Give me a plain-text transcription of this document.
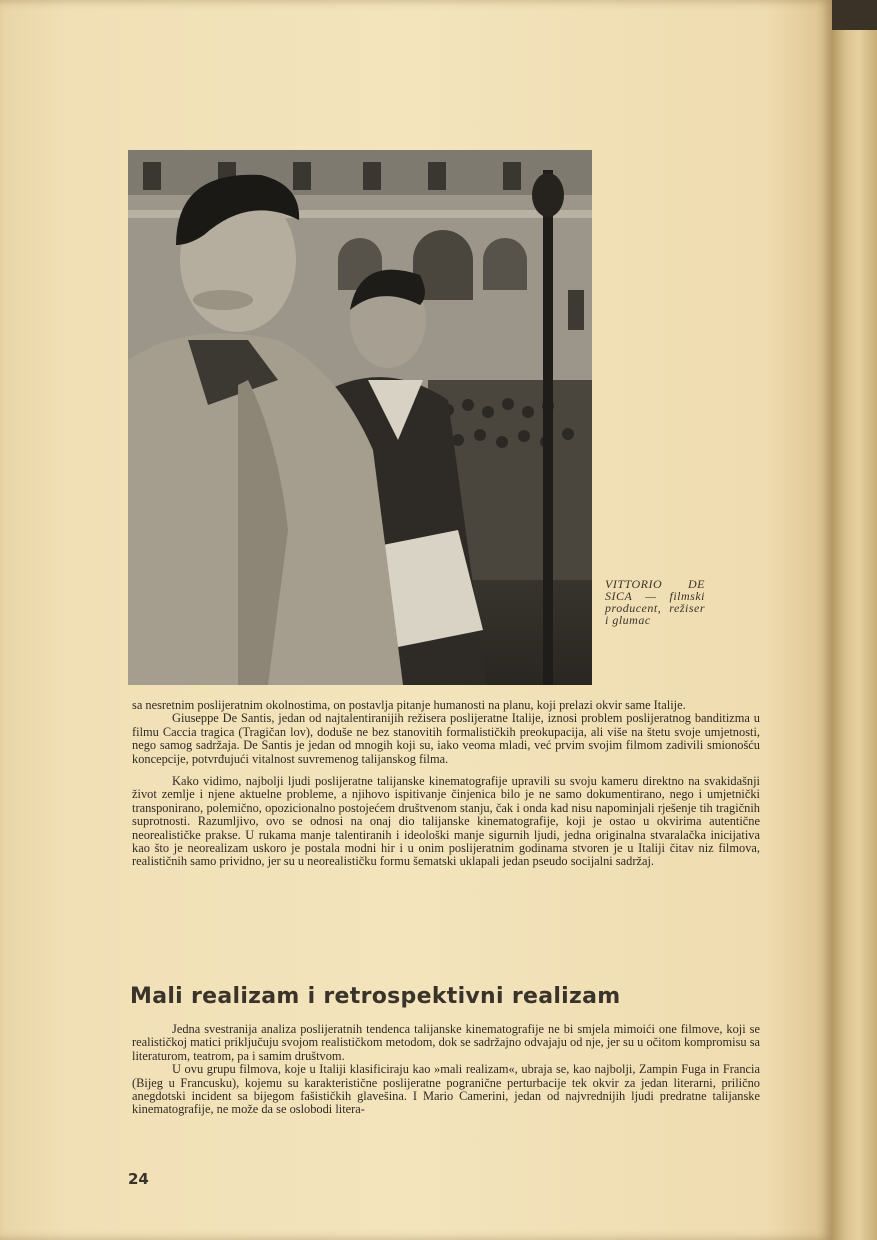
VITTORIO DE SICA — filmski producent, režiser i glumac

sa nesretnim poslijeratnim okolnostima, on postavlja pitanje humanosti na planu, koji prelazi okvir same Italije.

Giuseppe De Santis, jedan od najtalentiranijih režisera poslijeratne Italije, iznosi problem poslijeratnog banditizma u filmu Caccia tragica (Tragičan lov), doduše ne bez stanovitih formalističkih preokupacija, ali više na štetu svoje umjetnosti, nego samog sadržaja. De Santis je jedan od mnogih koji su, iako veoma mladi, već prvim svojim filmom zadivili smionošću koncepcije, potvrđujući vitalnost suvremenog talijanskog filma.

Kako vidimo, najbolji ljudi poslijeratne talijanske kinematografije upravili su svoju kameru direktno na svakidašnji život zemlje i njene aktuelne probleme, a njihovo ispitivanje činjenica bilo je ne samo dokumentirano, nego i umjetnički transponirano, polemično, opozicionalno postojećem društvenom stanju, čak i onda kad nisu napominjali rješenje tih tragičnih suprotnosti. Razumljivo, ovo se odnosi na onaj dio talijanske kinematografije, koji je ostao u okvirima autentične neorealističke prakse. U rukama manje talentiranih i ideološki manje sigurnih ljudi, jedna originalna stvaralačka inicijativa kao što je neorealizam uskoro je postala modni hir i u onim poslijeratnim godinama stvoren je u Italiji čitav niz filmova, realističnih samo prividno, jer su u neorealističku formu šematski uklapali jedan pseudo socijalni sadržaj.

Mali realizam i retrospektivni realizam

Jedna svestranija analiza poslijeratnih tendenca talijanske kinematografije ne bi smjela mimoići one filmove, koji se realističkoj matici priključuju svojom realističkom metodom, dok se sadržajno odvajaju od nje, jer su u očitom kompromisu sa literaturom, teatrom, pa i samim društvom.

U ovu grupu filmova, koje u Italiji klasificiraju kao »mali realizam«, ubraja se, kao najbolji, Zampin Fuga in Francia (Bijeg u Francusku), kojemu su karakteristične poslijeratne pogranične perturbacije tek okvir za jedan literarni, prilično anegdotski incident sa bijegom fašističkih glavešina. I Mario Camerini, jedan od najvrednijih ljudi predratne talijanske kinematografije, ne može da se oslobodi litera-

24
